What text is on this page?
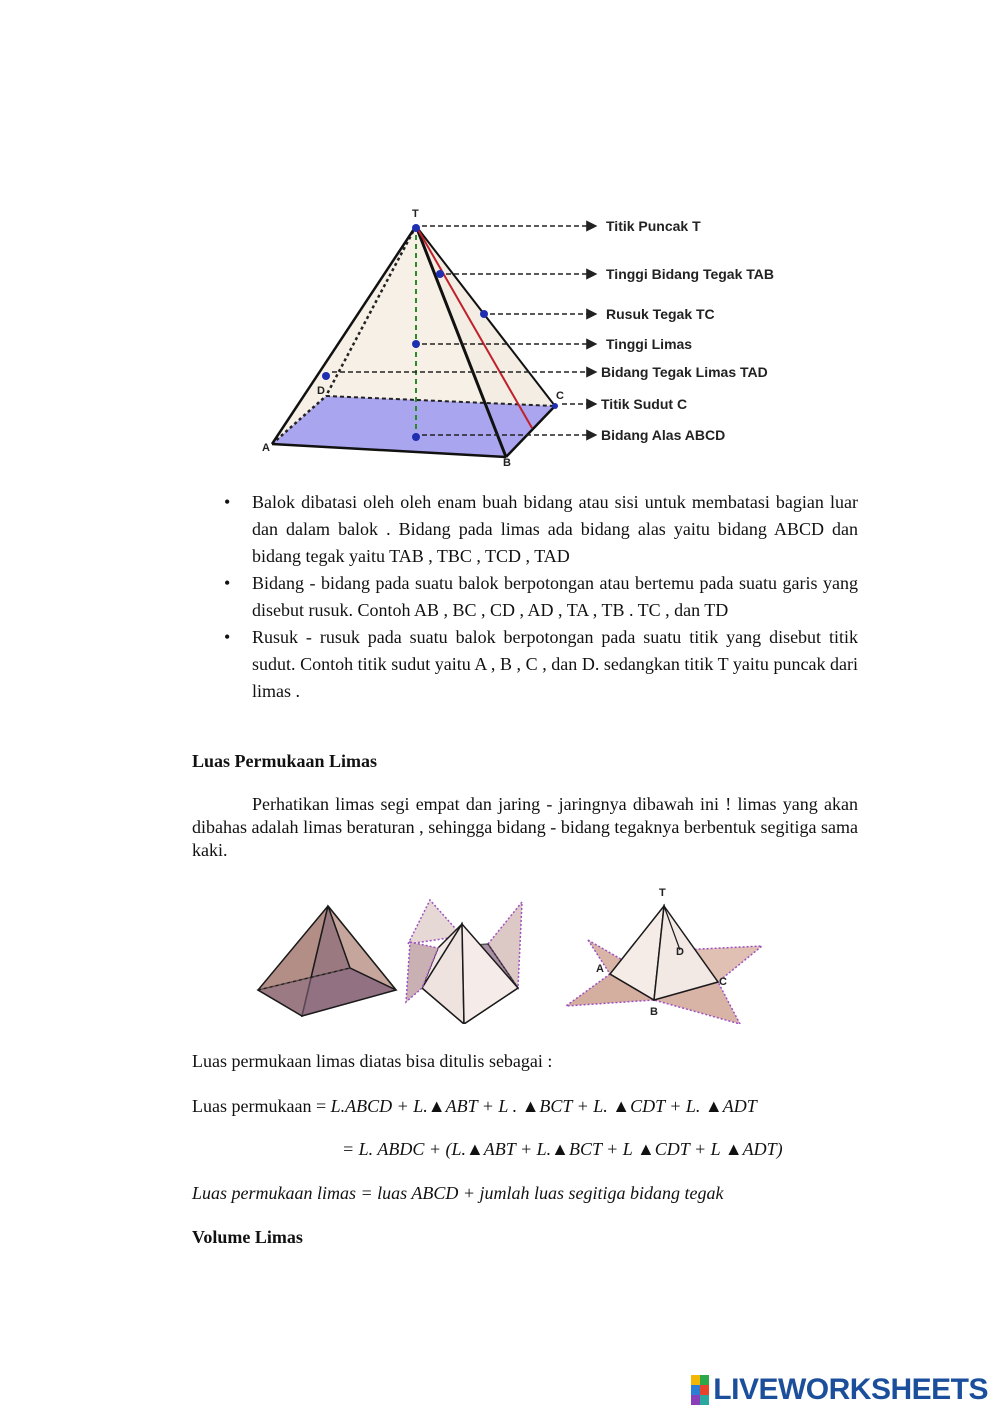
T
A
B
C
D
Titik Puncak T
Tinggi Bidang Tegak TAB
Rusuk Tegak TC
Tinggi Limas
Bidang Tegak Limas TAD
Titik Sudut C
Bidang Alas ABCD
• Balok dibatasi oleh oleh enam buah bidang atau sisi untuk membatasi bagian luar dan dalam balok . Bidang pada limas ada bidang alas yaitu bidang ABCD dan bidang tegak yaitu TAB , TBC , TCD , TAD
• Bidang - bidang pada suatu balok berpotongan atau bertemu pada suatu garis yang disebut rusuk. Contoh AB , BC , CD , AD , TA , TB . TC , dan TD
• Rusuk - rusuk pada suatu balok berpotongan pada suatu titik yang disebut titik sudut. Contoh titik sudut yaitu A , B , C , dan D. sedangkan titik T yaitu puncak dari limas .
Luas Permukaan Limas
Perhatikan limas segi empat dan jaring - jaringnya dibawah ini ! limas yang akan dibahas adalah limas beraturan , sehingga bidang - bidang tegaknya berbentuk segitiga sama kaki.
T
A
B
C
D
Luas permukaan limas diatas bisa ditulis sebagai :
Luas permukaan = L.ABCD + L.▲ABT + L . ▲BCT + L. ▲CDT + L. ▲ADT
= L. ABDC + (L.▲ABT + L.▲BCT + L ▲CDT + L ▲ADT)
Luas permukaan limas = luas ABCD + jumlah luas segitiga bidang tegak
Volume Limas
LIVEWORKSHEETS
